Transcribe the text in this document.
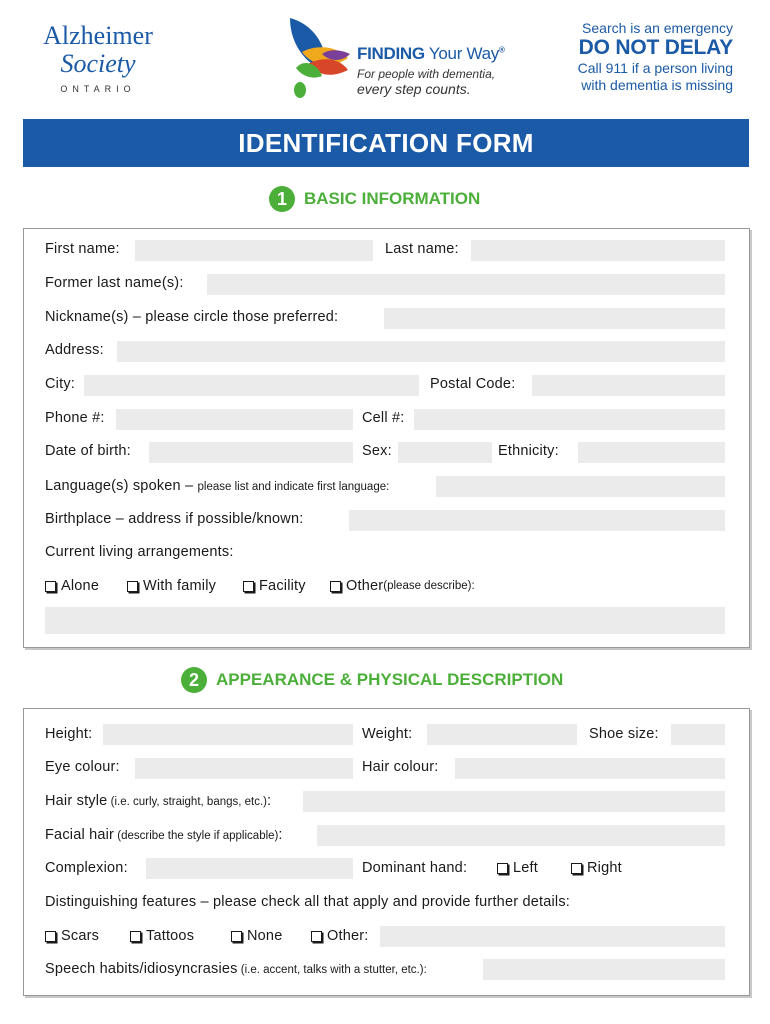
Alzheimer
Society
ONTARIO
FINDING Your Way®
For people with dementia,
every step counts.
Search is an emergency
DO NOT DELAY
Call 911 if a person living
with dementia is missing
IDENTIFICATION FORM
1	BASIC INFORMATION
First name:	Last name:
Former last name(s):
Nickname(s) – please circle those preferred:
Address:
City:	Postal Code:
Phone #:	Cell #:
Date of birth:	Sex:	Ethnicity:
Language(s) spoken – please list and indicate first language:
Birthplace – address if possible/known:
Current living arrangements:
Alone	With family	Facility	Other (please describe):
2	APPEARANCE & PHYSICAL DESCRIPTION
Height:	Weight:	Shoe size:
Eye colour:	Hair colour:
Hair style (i.e. curly, straight, bangs, etc.):
Facial hair (describe the style if applicable):
Complexion:	Dominant hand:	Left	Right
Distinguishing features – please check all that apply and provide further details:
Scars	Tattoos	None	Other:
Speech habits/idiosyncrasies (i.e. accent, talks with a stutter, etc.):
